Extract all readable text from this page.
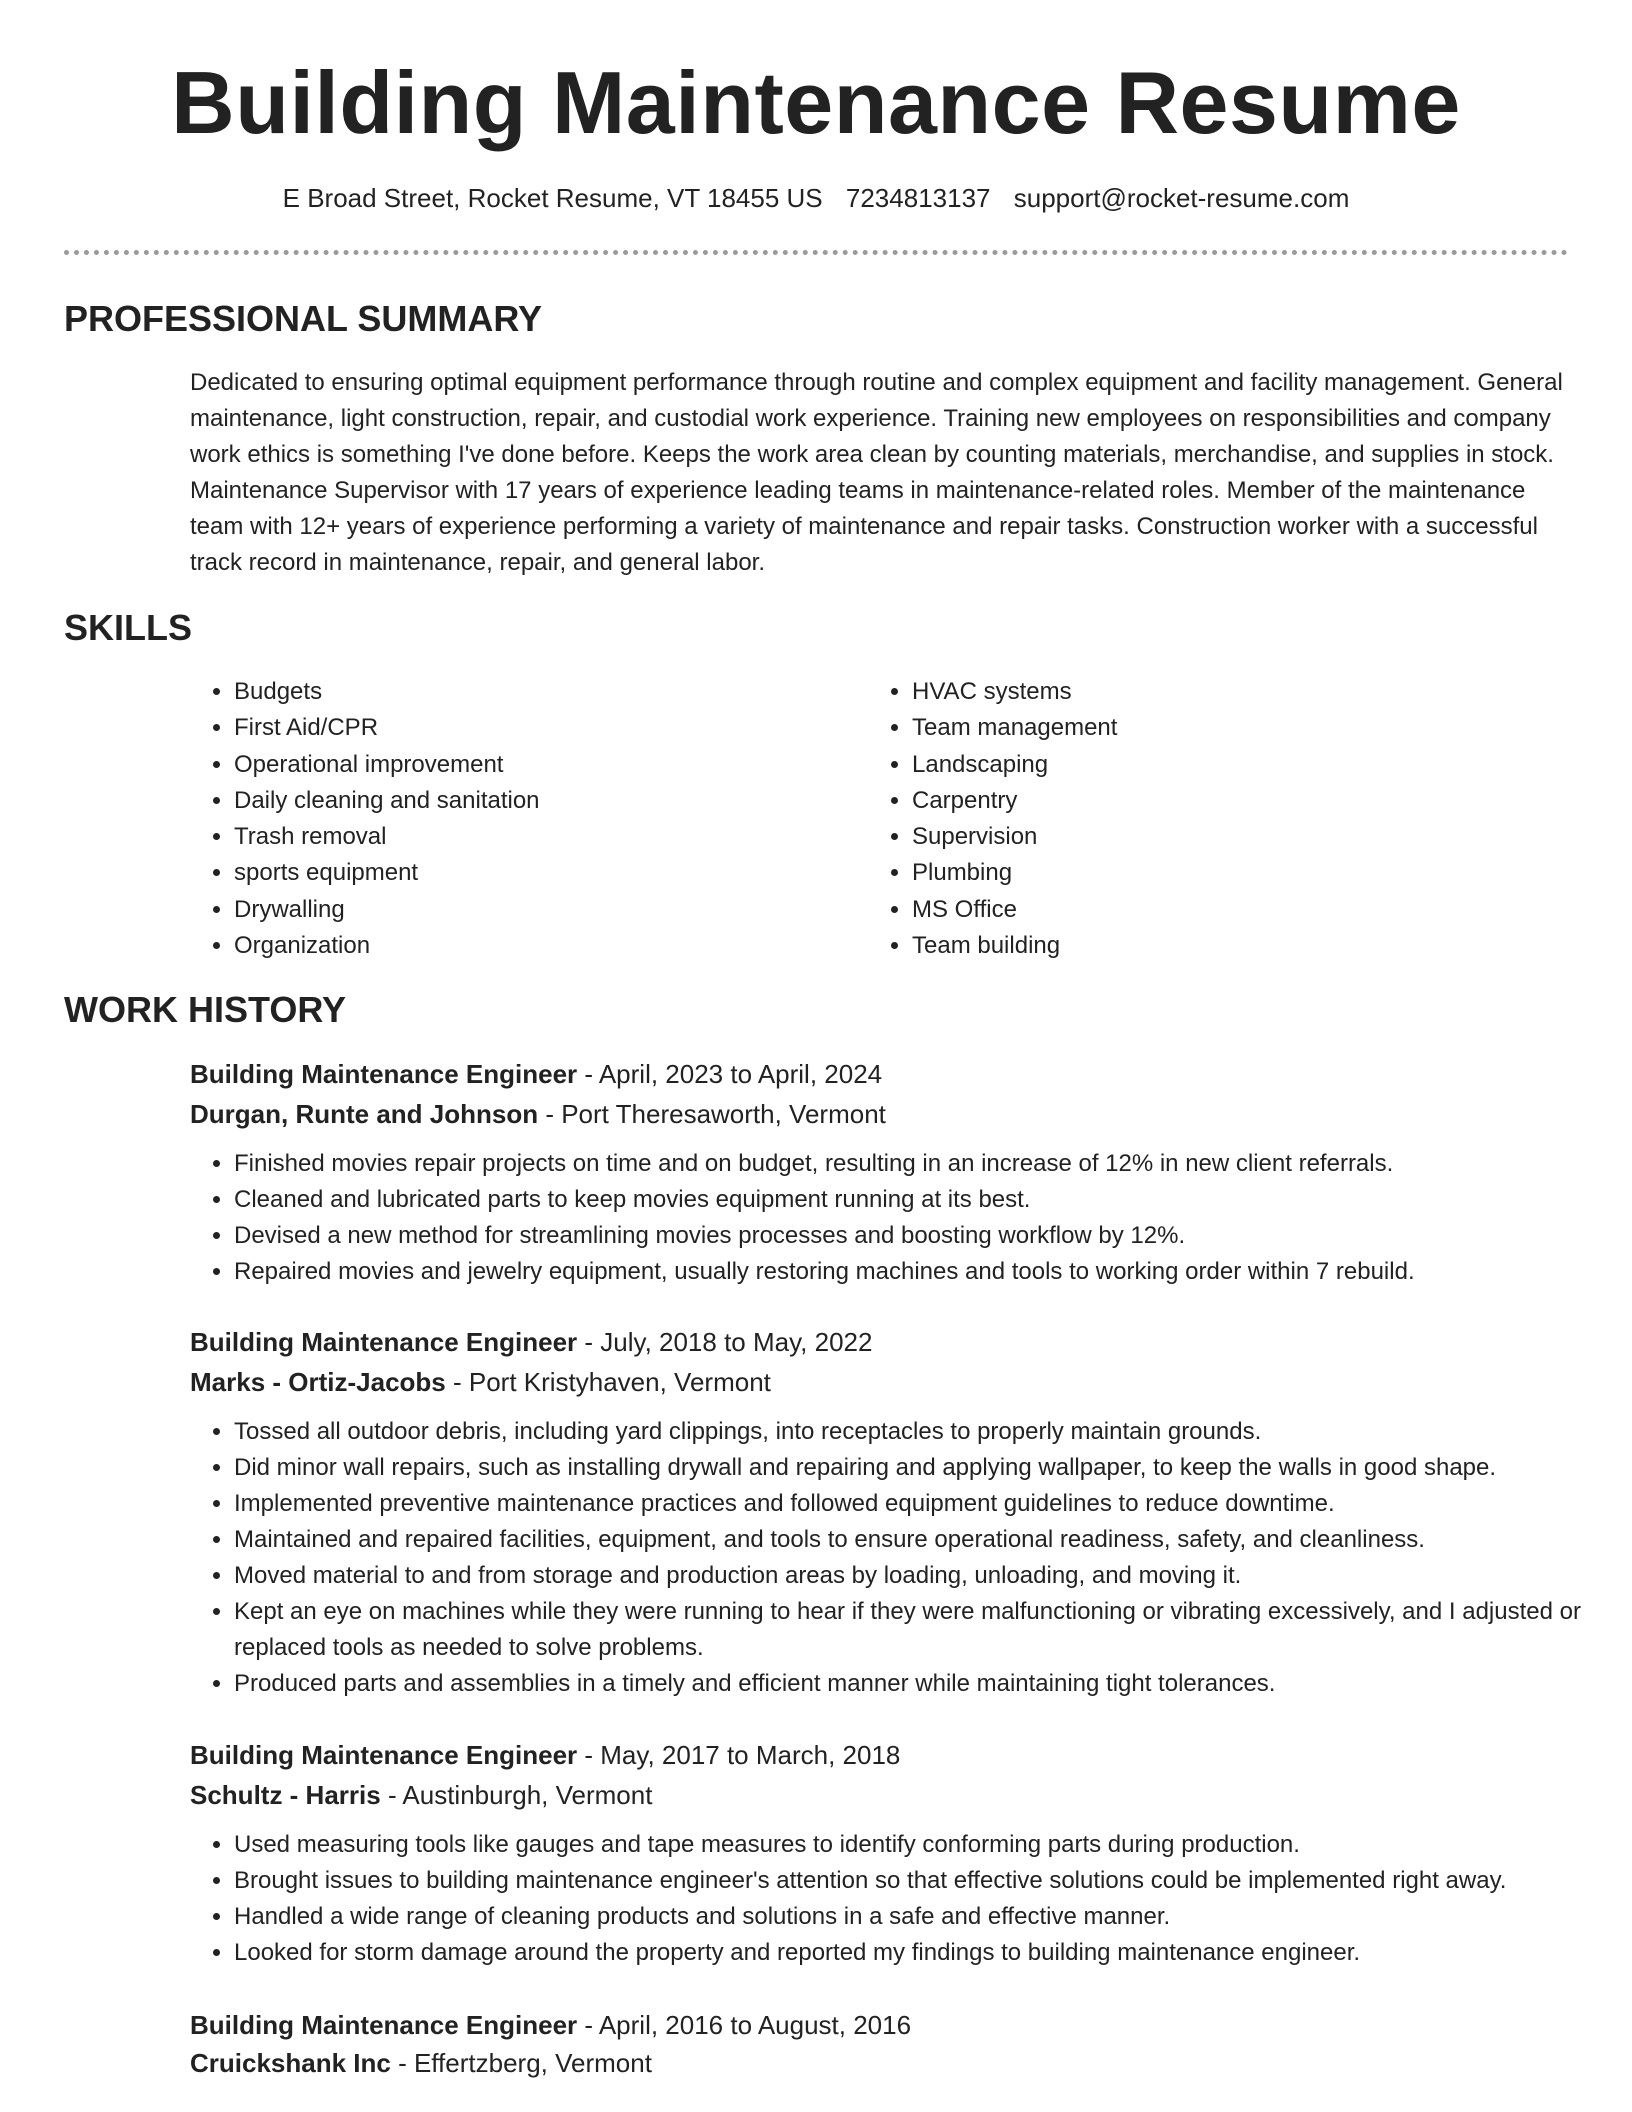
Building Maintenance Resume
E Broad Street, Rocket Resume, VT 18455 US 7234813137 support@rocket-resume.com
PROFESSIONAL SUMMARY

Dedicated to ensuring optimal equipment performance through routine and complex equipment and facility management. General maintenance, light construction, repair, and custodial work experience. Training new employees on responsibilities and company work ethics is something I've done before. Keeps the work area clean by counting materials, merchandise, and supplies in stock. Maintenance Supervisor with 17 years of experience leading teams in maintenance-related roles. Member of the maintenance team with 12+ years of experience performing a variety of maintenance and repair tasks. Construction worker with a successful track record in maintenance, repair, and general labor.

SKILLS
• Budgets
• First Aid/CPR
• Operational improvement
• Daily cleaning and sanitation
• Trash removal
• sports equipment
• Drywalling
• Organization
• HVAC systems
• Team management
• Landscaping
• Carpentry
• Supervision
• Plumbing
• MS Office
• Team building
WORK HISTORY
Building Maintenance Engineer - April, 2023 to April, 2024
Durgan, Runte and Johnson - Port Theresaworth, Vermont
• Finished movies repair projects on time and on budget, resulting in an increase of 12% in new client referrals.
• Cleaned and lubricated parts to keep movies equipment running at its best.
• Devised a new method for streamlining movies processes and boosting workflow by 12%.
• Repaired movies and jewelry equipment, usually restoring machines and tools to working order within 7 rebuild.
Building Maintenance Engineer - July, 2018 to May, 2022
Marks - Ortiz-Jacobs - Port Kristyhaven, Vermont
• Tossed all outdoor debris, including yard clippings, into receptacles to properly maintain grounds.
• Did minor wall repairs, such as installing drywall and repairing and applying wallpaper, to keep the walls in good shape.
• Implemented preventive maintenance practices and followed equipment guidelines to reduce downtime.
• Maintained and repaired facilities, equipment, and tools to ensure operational readiness, safety, and cleanliness.
• Moved material to and from storage and production areas by loading, unloading, and moving it.
• Kept an eye on machines while they were running to hear if they were malfunctioning or vibrating excessively, and I adjusted or replaced tools as needed to solve problems.
• Produced parts and assemblies in a timely and efficient manner while maintaining tight tolerances.
Building Maintenance Engineer - May, 2017 to March, 2018
Schultz - Harris - Austinburgh, Vermont
• Used measuring tools like gauges and tape measures to identify conforming parts during production.
• Brought issues to building maintenance engineer's attention so that effective solutions could be implemented right away.
• Handled a wide range of cleaning products and solutions in a safe and effective manner.
• Looked for storm damage around the property and reported my findings to building maintenance engineer.
Building Maintenance Engineer - April, 2016 to August, 2016
Cruickshank Inc - Effertzberg, Vermont
